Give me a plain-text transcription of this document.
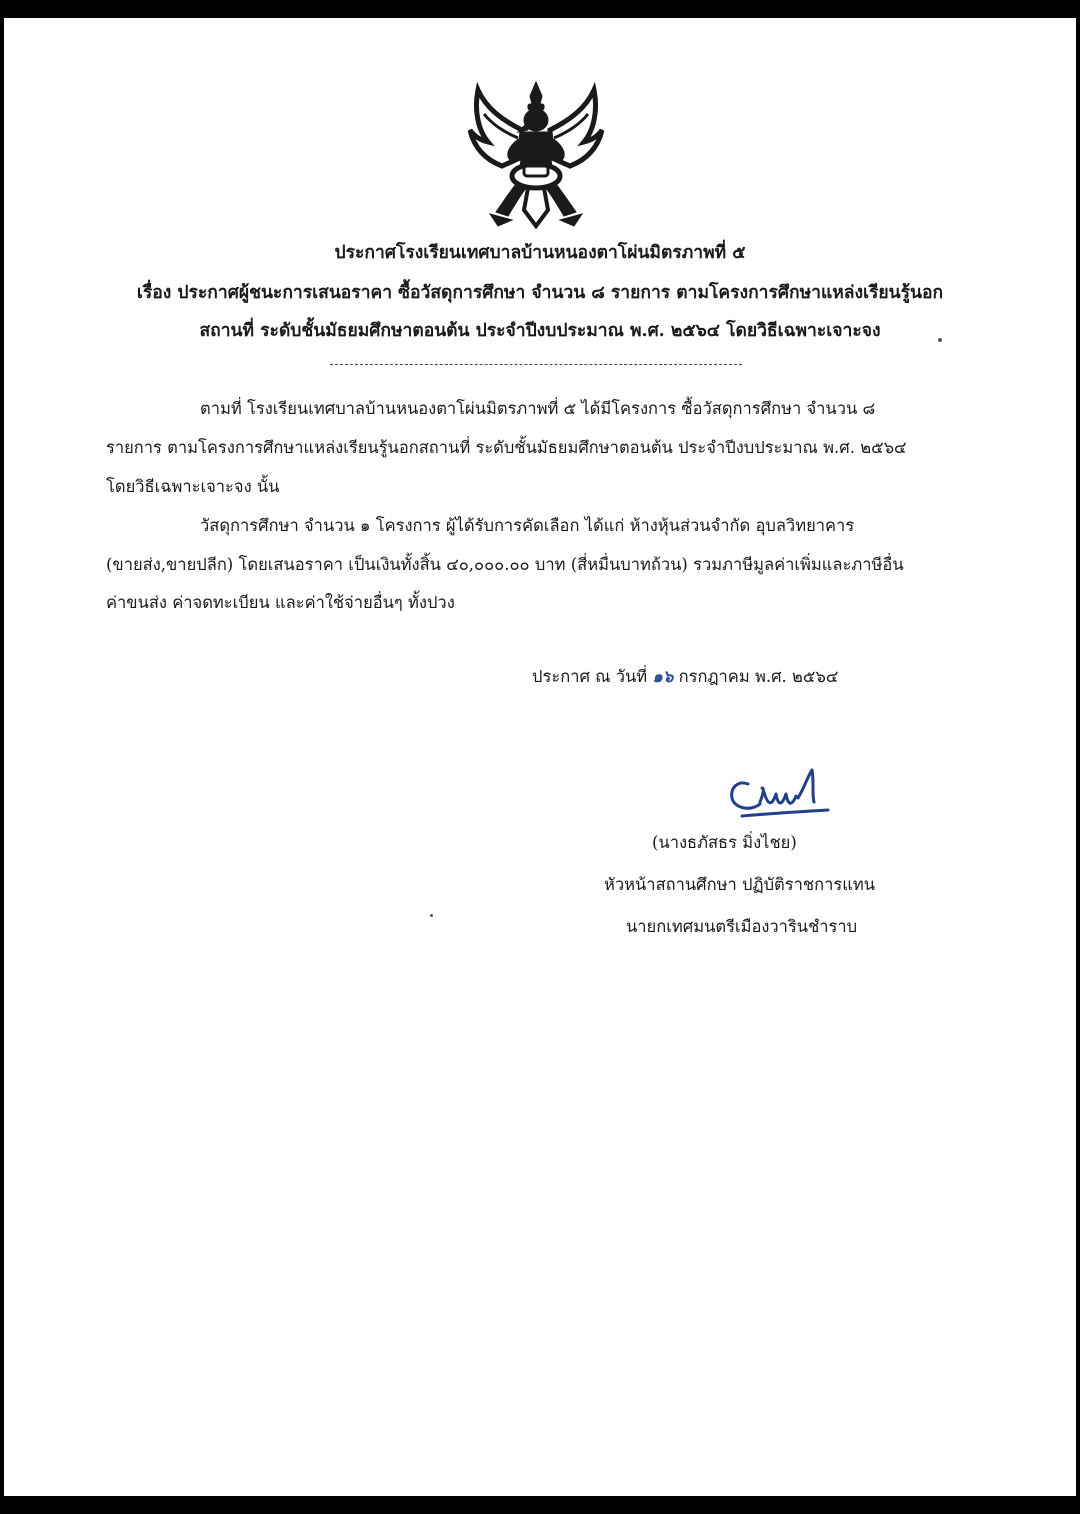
ประกาศโรงเรียนเทศบาลบ้านหนองตาโผ่นมิตรภาพที่ ๕
เรื่อง ประกาศผู้ชนะการเสนอราคา ซื้อวัสดุการศึกษา จำนวน ๘ รายการ ตามโครงการศึกษาแหล่งเรียนรู้นอก
สถานที่ ระดับชั้นมัธยมศึกษาตอนต้น ประจำปีงบประมาณ พ.ศ. ๒๕๖๔ โดยวิธีเฉพาะเจาะจง
ตามที่ โรงเรียนเทศบาลบ้านหนองตาโผ่นมิตรภาพที่ ๕ ได้มีโครงการ ซื้อวัสดุการศึกษา จำนวน ๘
รายการ ตามโครงการศึกษาแหล่งเรียนรู้นอกสถานที่ ระดับชั้นมัธยมศึกษาตอนต้น ประจำปีงบประมาณ พ.ศ. ๒๕๖๔
โดยวิธีเฉพาะเจาะจง นั้น
วัสดุการศึกษา จำนวน ๑ โครงการ ผู้ได้รับการคัดเลือก ได้แก่ ห้างหุ้นส่วนจำกัด อุบลวิทยาคาร
(ขายส่ง,ขายปลีก) โดยเสนอราคา เป็นเงินทั้งสิ้น ๔๐,๐๐๐.๐๐ บาท (สี่หมื่นบาทถ้วน) รวมภาษีมูลค่าเพิ่มและภาษีอื่น
ค่าขนส่ง ค่าจดทะเบียน และค่าใช้จ่ายอื่นๆ ทั้งปวง
ประกาศ ณ วันที่ ๑๖ กรกฎาคม พ.ศ. ๒๕๖๔
(นางธภัสธร มิ่งไชย)
หัวหน้าสถานศึกษา ปฏิบัติราชการแทน
นายกเทศมนตรีเมืองวารินชำราบ
